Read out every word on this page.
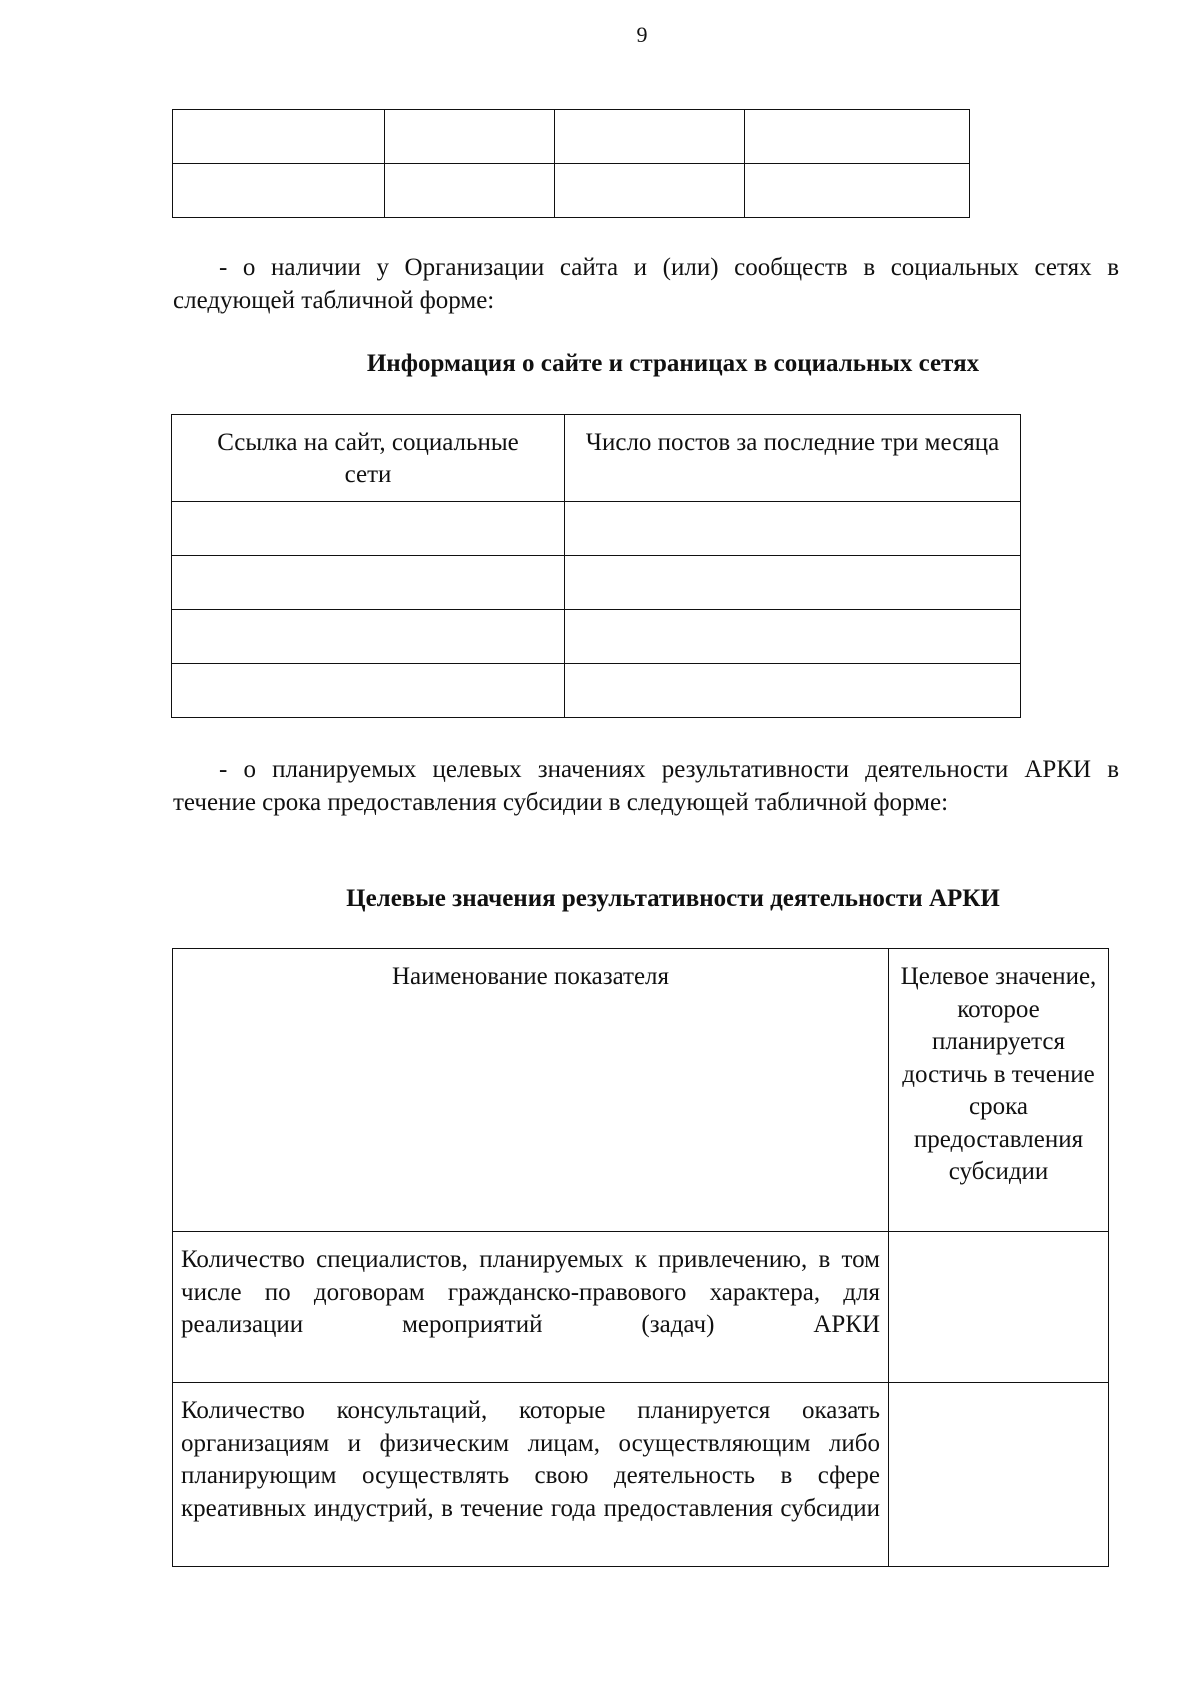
9

- о наличии у Организации сайта и (или) сообществ в социальных сетях в следующей табличной форме:

Информация о сайте и страницах в социальных сетях
Ссылка на сайт, социальные сети	Число постов за последние три месяца

- о планируемых целевых значениях результативности деятельности АРКИ в течение срока предоставления субсидии в следующей табличной форме:

Целевые значения результативности деятельности АРКИ
Наименование показателя	Целевое значение, которое планируется достичь в течение срока предоставления субсидии
Количество специалистов, планируемых к привлечению, в том числе по договорам гражданско-правового характера, для реализации мероприятий (задач) АРКИ	
Количество консультаций, которые планируется оказать организациям и физическим лицам, осуществляющим либо планирующим осуществлять свою деятельность в сфере креативных индустрий, в течение года предоставления субсидии	
